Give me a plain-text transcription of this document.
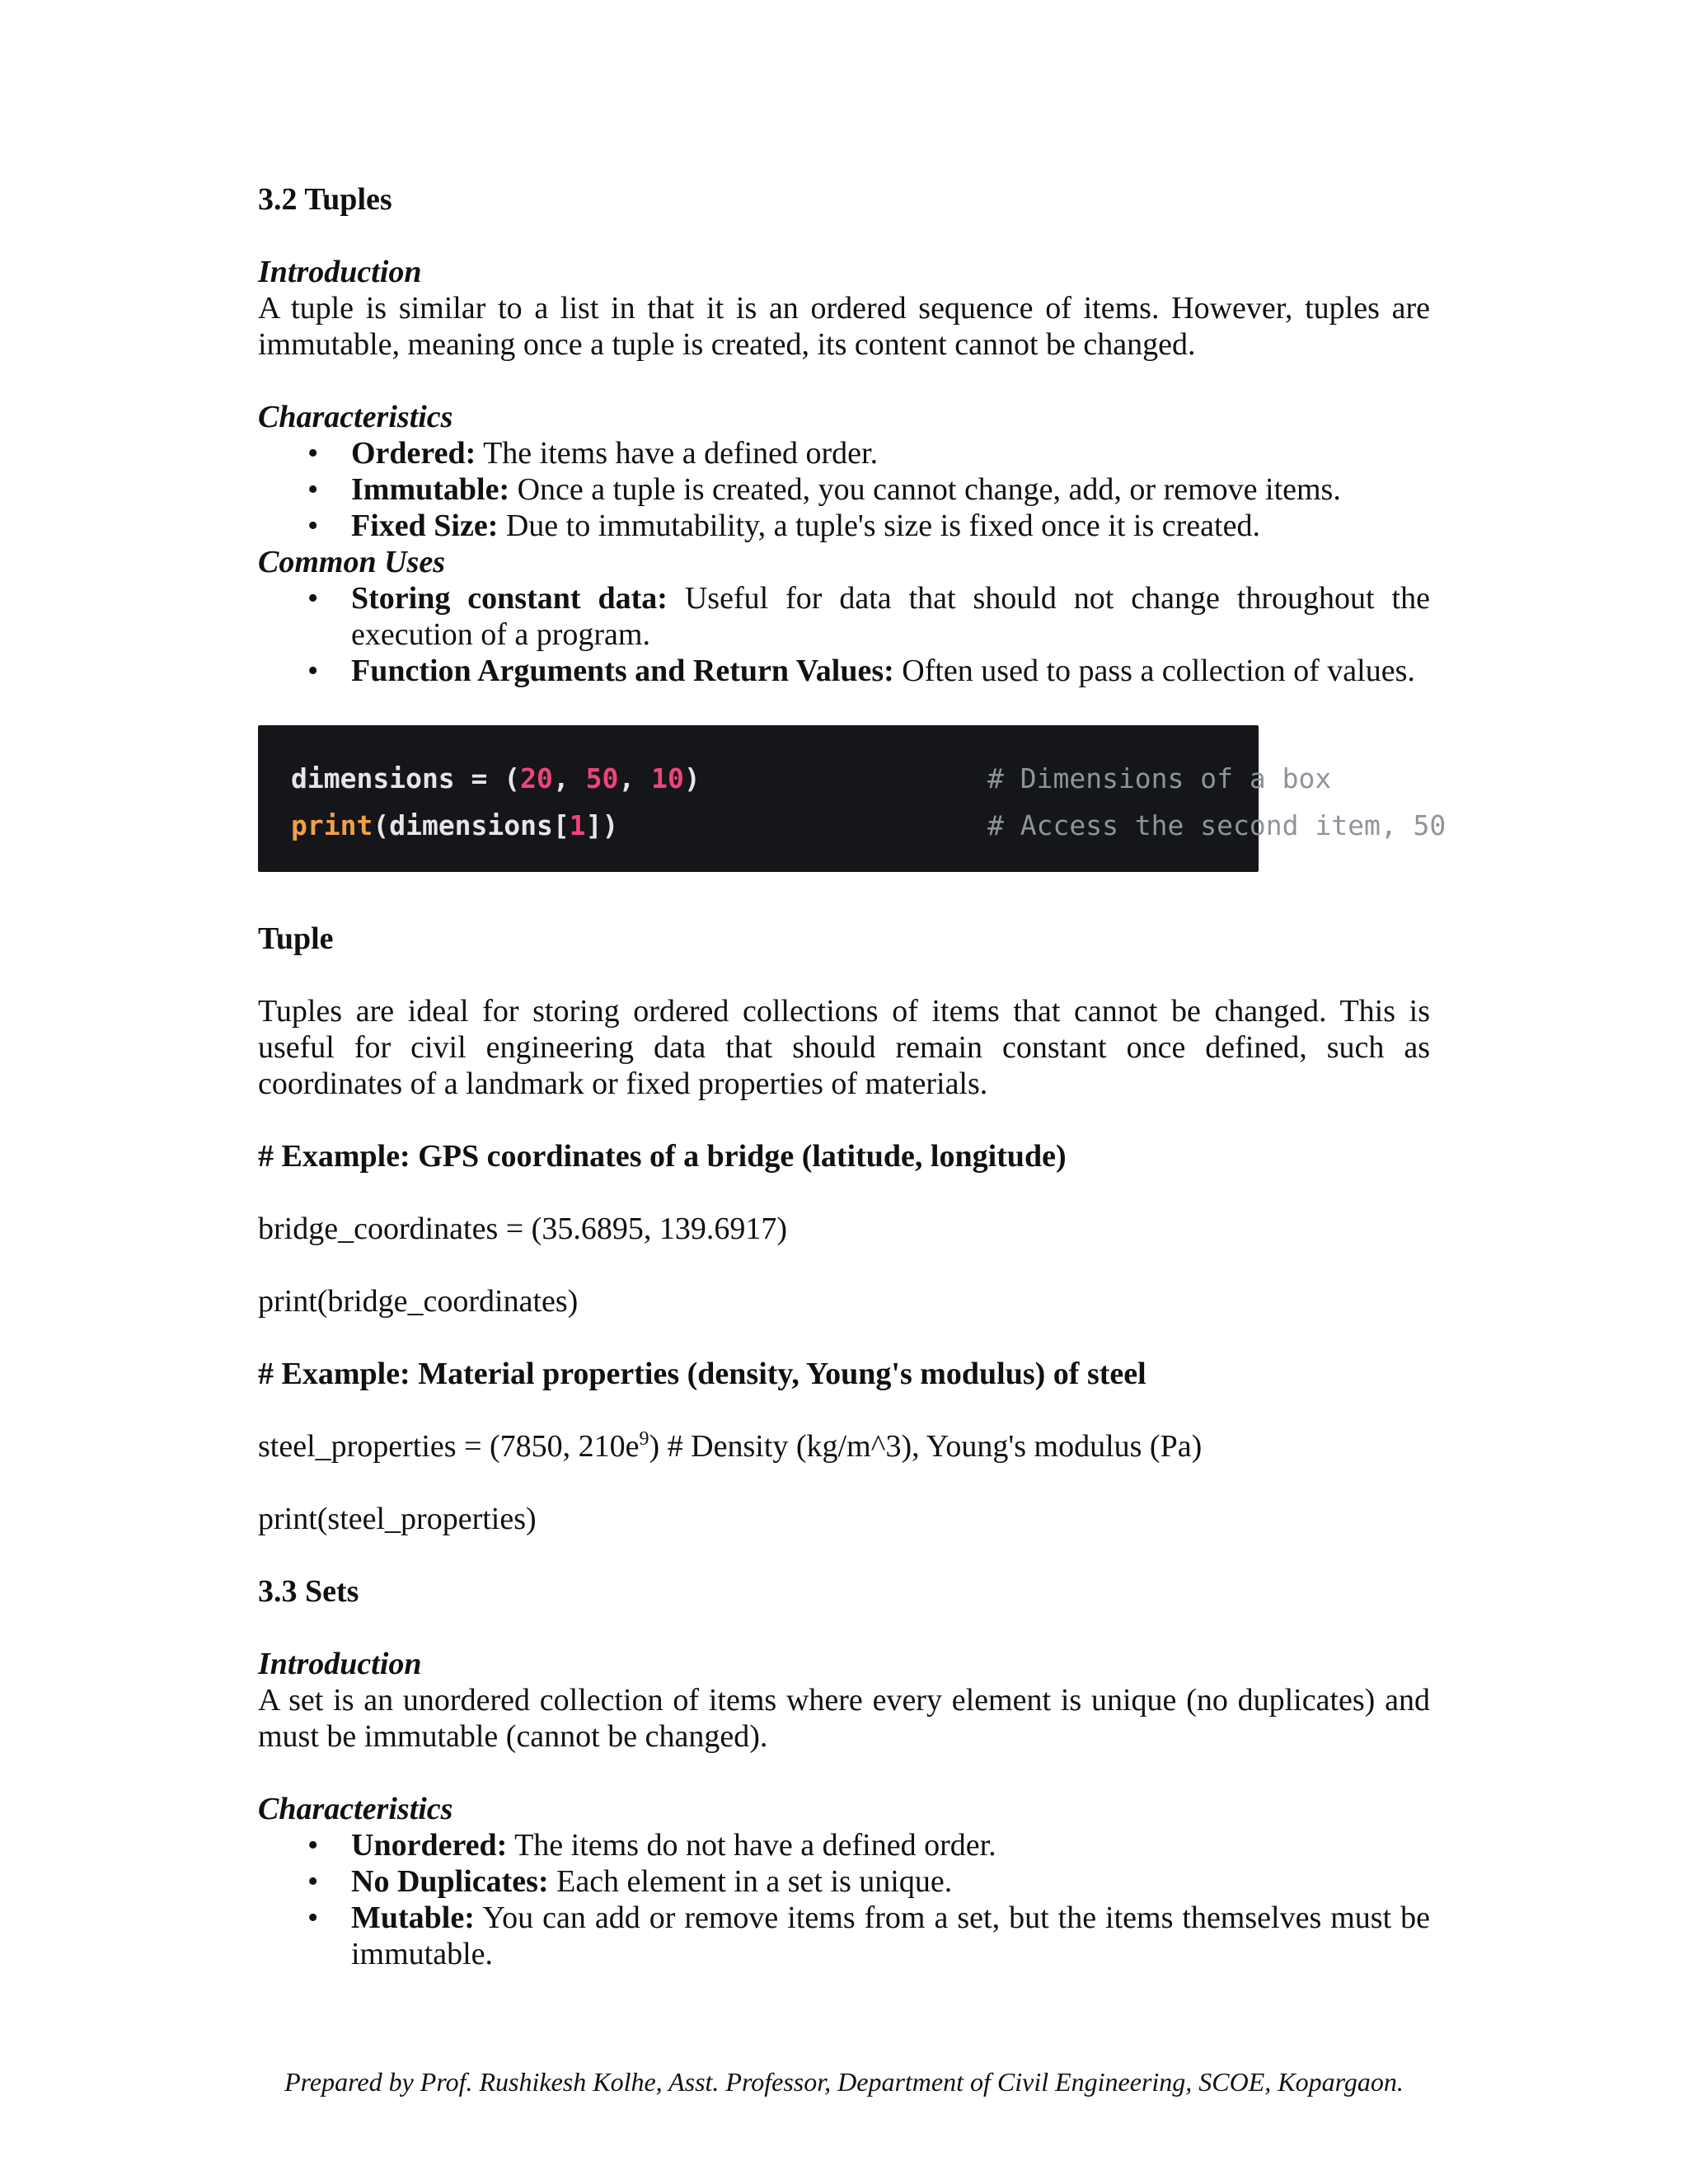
3.2 Tuples
Introduction

A tuple is similar to a list in that it is an ordered sequence of items. However, tuples are immutable, meaning once a tuple is created, its content cannot be changed.

Characteristics
• Ordered: The items have a defined order.
• Immutable: Once a tuple is created, you cannot change, add, or remove items.
• Fixed Size: Due to immutability, a tuple's size is fixed once it is created.
Common Uses
• Storing constant data: Useful for data that should not change throughout the execution of a program.
• Function Arguments and Return Values: Often used to pass a collection of values.
dimensions = (20, 50, 10)	# Dimensions of a box
print(dimensions[1])	# Access the second item, 50
Tuple

Tuples are ideal for storing ordered collections of items that cannot be changed. This is useful for civil engineering data that should remain constant once defined, such as coordinates of a landmark or fixed properties of materials.

# Example: GPS coordinates of a bridge (latitude, longitude)

bridge_coordinates = (35.6895, 139.6917)

print(bridge_coordinates)

# Example: Material properties (density, Young's modulus) of steel

steel_properties = (7850, $210e^9$) # Density (kg/m^3), Young's modulus (Pa)

print(steel_properties)

3.3 Sets
Introduction

A set is an unordered collection of items where every element is unique (no duplicates) and must be immutable (cannot be changed).

Characteristics
• Unordered: The items do not have a defined order.
• No Duplicates: Each element in a set is unique.
• Mutable: You can add or remove items from a set, but the items themselves must be immutable.
Prepared by Prof. Rushikesh Kolhe, Asst. Professor, Department of Civil Engineering, SCOE, Kopargaon.
